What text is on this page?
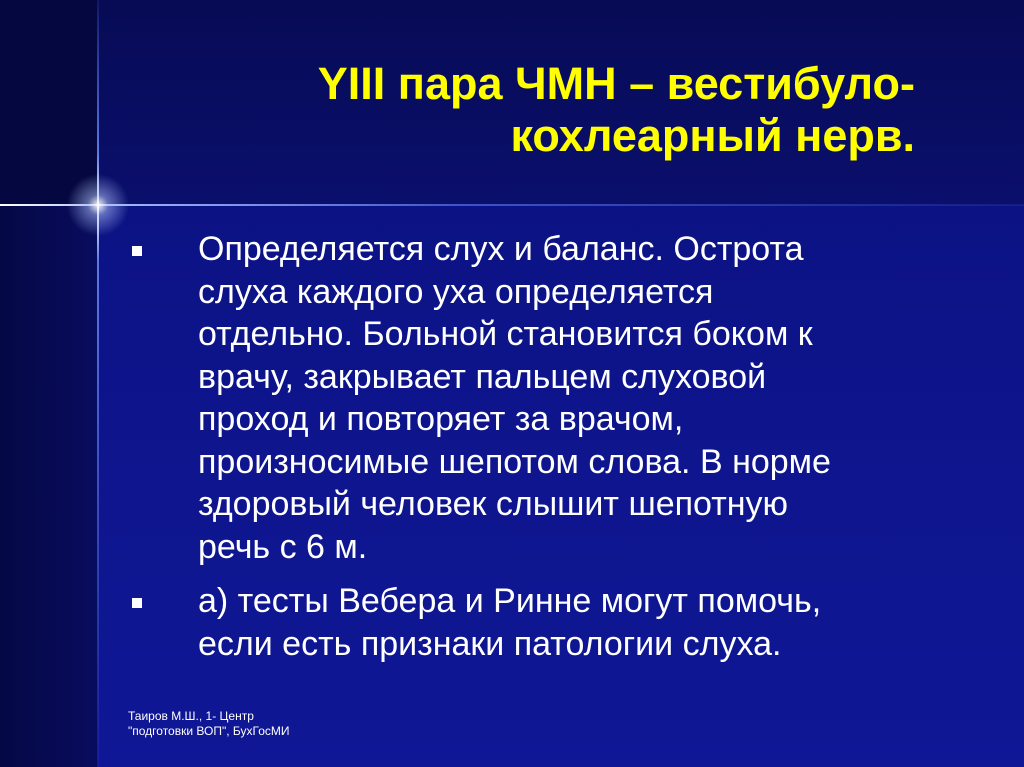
YIII пара ЧМН – вестибуло-
кохлеарный нерв.
Определяется слух и баланс. Острота
слуха каждого уха определяется
отдельно. Больной становится боком к
врачу, закрывает пальцем слуховой
проход и повторяет за врачом,
произносимые шепотом слова. В норме
здоровый человек слышит шепотную
речь с 6 м.
а) тесты Вебера и Ринне могут помочь,
если есть признаки патологии слуха.
Таиров М.Ш., 1- Центр
"подготовки ВОП", БухГосМИ
